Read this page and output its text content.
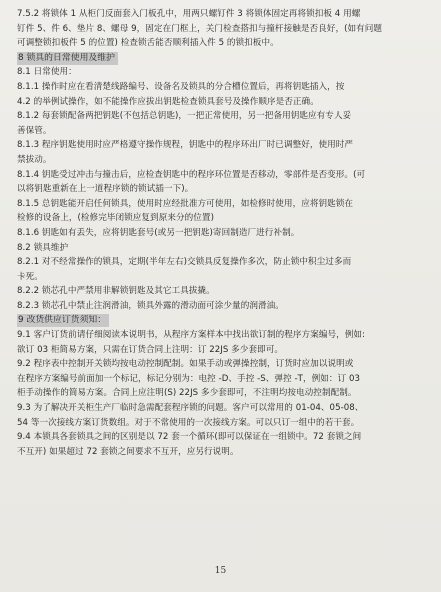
7.5.2 将锁体 1 从柜门反面套入门板孔中，用两只螺钉件 3 将锁体固定再将锁扣板 4 用螺
钉件 5、件 6、垫片 8、螺母 9，固定在门框上，关门检查搭扣与撞杆接触是否良好，(如有问题
可调整锁扣板件 5 的位置) 检查锁舌能否顺利插入件 5 的锁扣板中。
8 锁具的日常使用及维护
8.1 日常使用：
8.1.1 操作时应在看清楚线路编号、设备名及锁具的分合槽位置后，再将钥匙插入，按
4.2 的举例试操作，如不能操作应拔出钥匙检查锁具套号及操作顺序是否正确。
8.1.2 每套锁配备两把钥匙(不包括总钥匙)，一把正常使用，另一把备用钥匙应有专人妥
善保管。
8.1.3 程序钥匙使用时应严格遵守操作规程，钥匙中的程序环出厂时已调整好，使用时严
禁拔动。
8.1.4 钥匙受过冲击与撞击后，应检查钥匙中的程序环位置是否移动，零部件是否变形。(可
以将钥匙重新在上一道程序锁的锁试插一下)。
8.1.5 总钥匙能开启任何锁具，使用时应经批准方可使用，如检修时使用，应将钥匙锁在
检修的设备上，(检修完毕闭锁应复到原来分的位置)
8.1.6 钥匙如有丢失，应将钥匙套号(或另一把钥匙)寄回制造厂进行补制。
8.2 锁具维护
8.2.1 对不经常操作的锁具，定期(半年左右)交锁具反复操作多次，防止锁中积尘过多而
卡死。
8.2.2 锁芯孔中严禁用非解锁钥匙及其它工具拔撬。
8.2.3 锁芯孔中禁止注润滑油，锁具外露的滑动面可涂少量的润滑油。
9 改货供应订货须知：
9.1 客户订货前请仔细阅读本说明书，从程序方案样本中找出欲订制的程序方案编号，例如:
欲订 03 柜简易方案，只需在订货合同上注明：订 22JS 多少套即可。
9.2 程序表中控制开关锁均按电动控制配制。如果手动或弹操控制，订货时应加以说明或
在程序方案编号前面加一个标记，标记分别为：电控 -D、手控 -S、弹控 -T，例如：订 03
柜手动操作的简易方案。合同上应注明(S) 22JS 多少套即可，不注明均按电动控制配制。
9.3 为了解决开关柜生产厂临时急需配套程序锁的问题。客户可以常用的 01-04、05-08、
54 等一次接线方案订货数组。对于不常使用的一次接线方案。可以只订一组中的若干套。
9.4 本锁具各套锁具之间的区别是以 72 套一个循环(即可以保证在一组锁中。72 套锁之间
不互开) 如果超过 72 套锁之间要求不互开，应另行说明。
15
